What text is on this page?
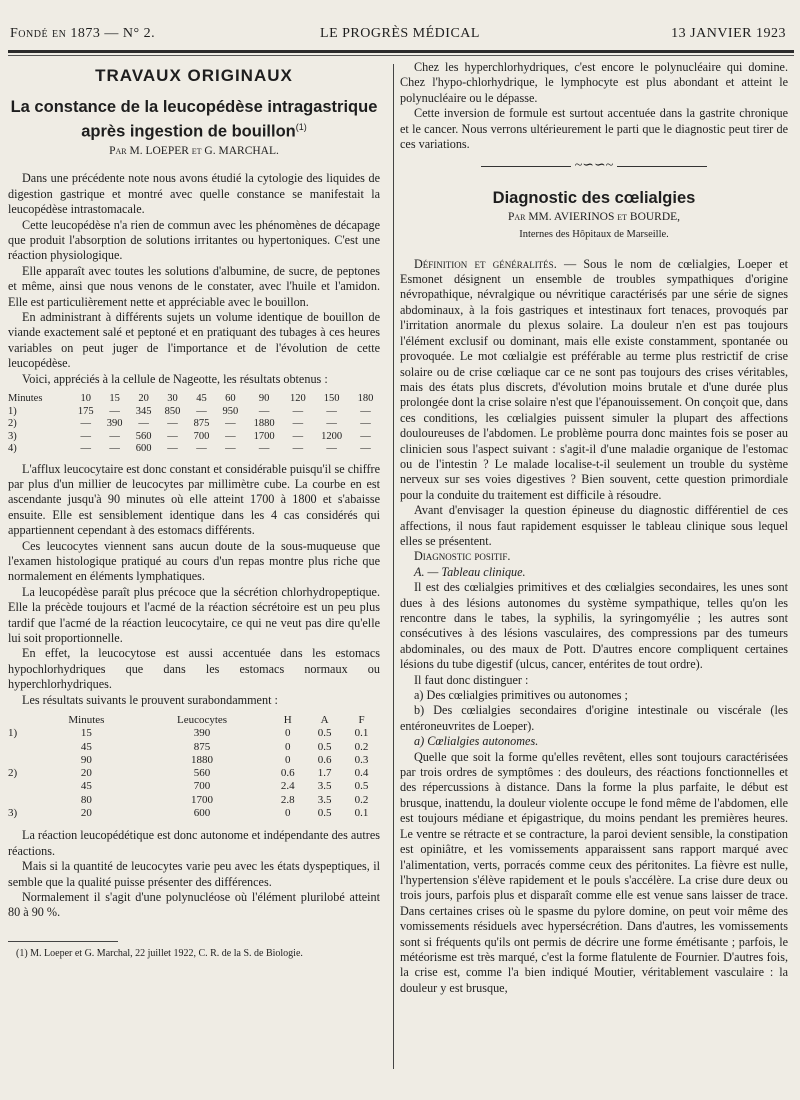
Fondé en 1873 — N° 2.	LE PROGRÈS MÉDICAL	13 JANVIER 1923
TRAVAUX ORIGINAUX
La constance de la leucopédèse intragastrique après ingestion de bouillon$^{(1)}$
Par M. LOEPER et G. MARCHAL.

Dans une précédente note nous avons étudié la cytologie des liquides de digestion gastrique et montré avec quelle constance se manifestait la leucopédèse intrastomacale.

Cette leucopédèse n'a rien de commun avec les phénomènes de décapage que produit l'absorption de solutions irritantes ou hypertoniques. C'est une réaction physiologique.

Elle apparaît avec toutes les solutions d'albumine, de sucre, de peptones et même, ainsi que nous venons de le constater, avec l'huile et l'amidon. Elle est particulièrement nette et appréciable avec le bouillon.

En administrant à différents sujets un volume identique de bouillon de viande exactement salé et peptoné et en pratiquant des tubages à ces heures variables on peut juger de l'importance et de l'évolution de cette leucopédèse.

Voici, appréciés à la cellule de Nageotte, les résultats obtenus :

Minutes	10	15	20	30	45	60	90	120	150	180
1)	175	—	345	850	—	950	—	—	—	—
2)	—	390	—	—	875	—	1880	—	—	—
3)	—	—	560	—	700	—	1700	—	1200	—
4)	—	—	600	—	—	—	—	—	—	—

L'afflux leucocytaire est donc constant et considérable puisqu'il se chiffre par plus d'un millier de leucocytes par millimètre cube. La courbe en est ascendante jusqu'à 90 minutes où elle atteint 1700 à 1800 et s'abaisse ensuite. Elle est sensiblement identique dans les 4 cas considérés qui appartiennent cependant à des estomacs différents.

Ces leucocytes viennent sans aucun doute de la sous-muqueuse que l'examen histologique pratiqué au cours d'un repas montre plus riche que normalement en éléments lymphatiques.

La leucopédèse paraît plus précoce que la sécrétion chlorhydropeptique. Elle la précède toujours et l'acmé de la réaction sécrétoire est un peu plus tardif que l'acmé de la réaction leucocytaire, ce qui ne veut pas dire qu'elle lui soit proportionnelle.

En effet, la leucocytose est aussi accentuée dans les estomacs hypochlorhydriques que dans les estomacs normaux ou hyperchlorhydriques.

Les résultats suivants le prouvent surabondamment :

	Minutes	Leucocytes	H	A	F
1)	15	390	0	0.5	0.1
	45	875	0	0.5	0.2
	90	1880	0	0.6	0.3
2)	20	560	0.6	1.7	0.4
	45	700	2.4	3.5	0.5
	80	1700	2.8	3.5	0.2
3)	20	600	0	0.5	0.1

La réaction leucopédétique est donc autonome et indépendante des autres réactions.

Mais si la quantité de leucocytes varie peu avec les états dyspeptiques, il semble que la qualité puisse présenter des différences.

Normalement il s'agit d'une polynucléose où l'élément plurilobé atteint 80 à 90 %.

(1) M. Loeper et G. Marchal, 22 juillet 1922, C. R. de la S. de Biologie.

Chez les hyperchlorhydriques, c'est encore le polynucléaire qui domine. Chez l'hypo-chlorhydrique, le lymphocyte est plus abondant et atteint le polynucléaire ou le dépasse.

Cette inversion de formule est surtout accentuée dans la gastrite chronique et le cancer. Nous verrons ultérieurement le parti que le diagnostic peut tirer de ces variations.

~∽∽~
Diagnostic des cœlialgies
Par MM. AVIERINOS et BOURDE,
Internes des Hôpitaux de Marseille.

Définition et généralités. — Sous le nom de cœlialgies, Loeper et Esmonet désignent un ensemble de troubles sympathiques d'origine névropathique, névralgique ou névritique caractérisés par une série de signes abdominaux, à la fois gastriques et intestinaux fort tenaces, provoqués par l'irritation anormale du plexus solaire. La douleur n'en est pas toujours l'élément exclusif ou dominant, mais elle existe constamment, spontanée ou provoquée. Le mot cœlialgie est préférable au terme plus restrictif de crise solaire ou de crise cœliaque car ce ne sont pas toujours des crises véritables, mais des états plus discrets, d'évolution moins brutale et d'une durée plus prolongée dont la crise solaire n'est que l'épanouissement. On conçoit que, dans ces conditions, les cœlialgies puissent simuler la plupart des affections douloureuses de l'abdomen. Le problème pourra donc maintes fois se poser au clinicien sous l'aspect suivant : s'agit-il d'une maladie organique de l'estomac ou de l'intestin ? Le malade localise-t-il seulement un trouble du système nerveux sur ses voies digestives ? Bien souvent, cette question primordiale pour la conduite du traitement est difficile à résoudre.

Avant d'envisager la question épineuse du diagnostic différentiel de ces affections, il nous faut rapidement esquisser le tableau clinique sous lequel elles se présentent.

Diagnostic positif.

A. — Tableau clinique.

Il est des cœlialgies primitives et des cœlialgies secondaires, les unes sont dues à des lésions autonomes du système sympathique, telles qu'on les rencontre dans le tabes, la syphilis, la syringomyélie ; les autres sont consécutives à des lésions vasculaires, des compressions par des tumeurs abdominales, ou des maux de Pott. D'autres encore compliquent certaines lésions du tube digestif (ulcus, cancer, entérites de tout ordre).

Il faut donc distinguer :

a) Des cœlialgies primitives ou autonomes ;

b) Des cœlialgies secondaires d'origine intestinale ou viscérale (les entéroneuvrites de Loeper).

a) Cœlialgies autonomes.

Quelle que soit la forme qu'elles revêtent, elles sont toujours caractérisées par trois ordres de symptômes : des douleurs, des réactions fonctionnelles et des répercussions à distance. Dans la forme la plus parfaite, le début est brusque, inattendu, la douleur violente occupe le fond même de l'abdomen, elle est toujours médiane et épigastrique, du moins pendant les premières heures. Le ventre se rétracte et se contracture, la paroi devient sensible, la constipation est opiniâtre, et les vomissements apparaissent sans rapport marqué avec l'alimentation, verts, porracés comme ceux des péritonites. La fièvre est nulle, l'hypertension s'élève rapidement et le pouls s'accélère. La crise dure deux ou trois jours, parfois plus et disparaît comme elle est venue sans laisser de trace. Dans certaines crises où le spasme du pylore domine, on peut voir même des vomissements résiduels avec hypersécrétion. Dans d'autres, les vomissements sont si fréquents qu'ils ont permis de décrire une forme émétisante ; parfois, le météorisme est très marqué, c'est la forme flatulente de Fournier. D'autres fois, la crise est, comme l'a bien indiqué Moutier, véritablement vasculaire : la douleur y est brusque,
